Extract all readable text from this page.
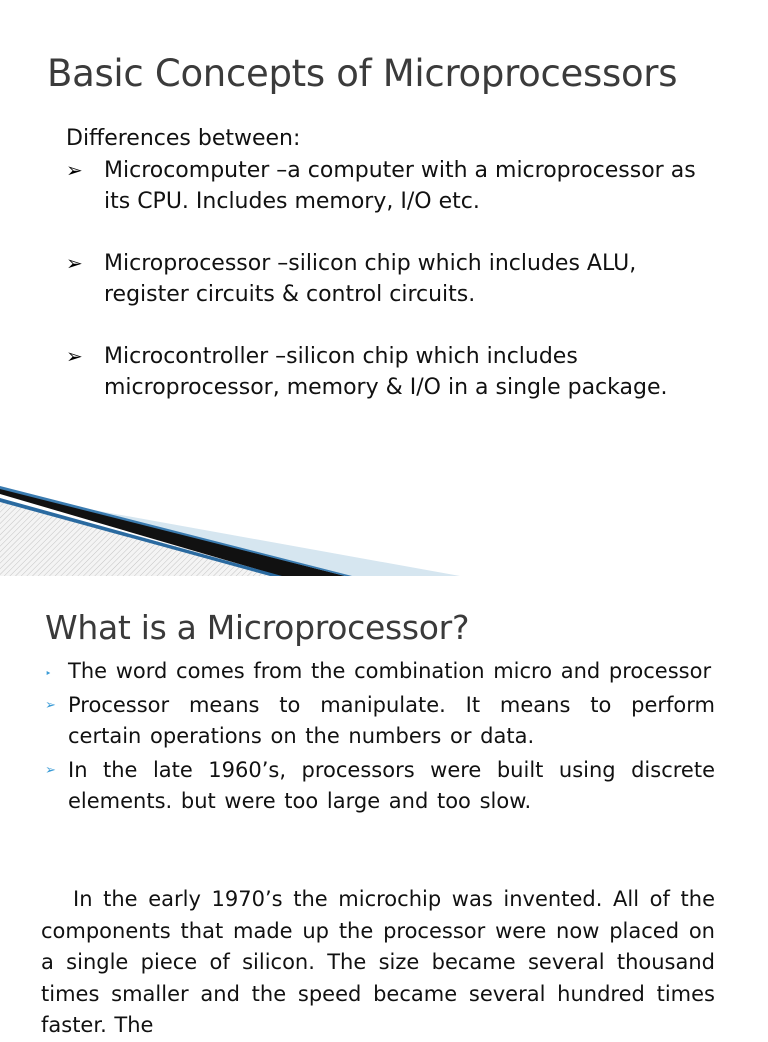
Basic Concepts of Microprocessors
Differences between:
➢ Microcomputer –a computer with a microprocessor as its CPU. Includes memory, I/O etc.
➢ Microprocessor –silicon chip which includes ALU, register circuits & control circuits.
➢ Microcontroller –silicon chip which includes microprocessor, memory & I/O in a single package.
What is a Microprocessor?
‣ The word comes from the combination micro and processor
➢ Processor means to manipulate. It means to perform certain operations on the numbers or data.
➢ In the late 1960’s, processors were built using discrete elements. but were too large and too slow.

In the early 1970’s the microchip was invented. All of the components that made up the processor were now placed on a single piece of silicon. The size became several thousand times smaller and the speed became several hundred times faster. The
